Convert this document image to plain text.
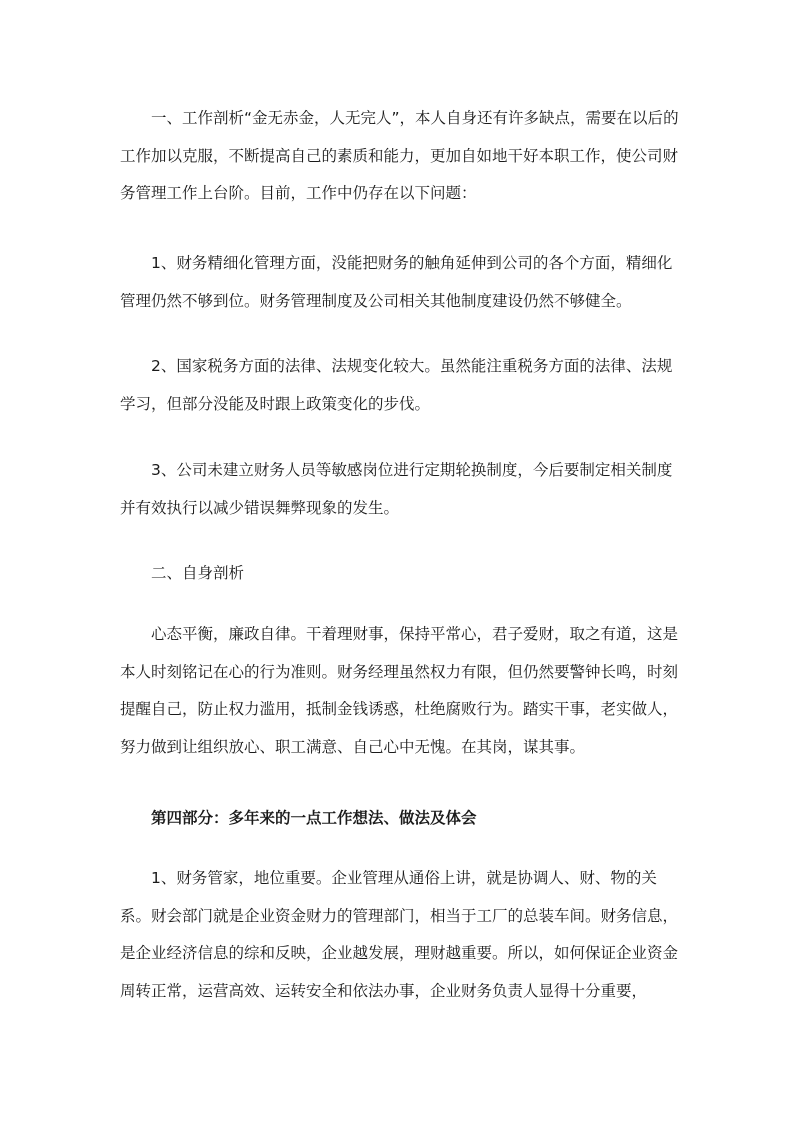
一、工作剖析“金无赤金，人无完人”，本人自身还有许多缺点，需要在以后的工作加以克服，不断提高自己的素质和能力，更加自如地干好本职工作，使公司财务管理工作上台阶。目前，工作中仍存在以下问题：

1、财务精细化管理方面，没能把财务的触角延伸到公司的各个方面，精细化管理仍然不够到位。财务管理制度及公司相关其他制度建设仍然不够健全。

2、国家税务方面的法律、法规变化较大。虽然能注重税务方面的法律、法规学习，但部分没能及时跟上政策变化的步伐。

3、公司未建立财务人员等敏感岗位进行定期轮换制度，今后要制定相关制度并有效执行以减少错误舞弊现象的发生。

二、自身剖析

心态平衡，廉政自律。干着理财事，保持平常心，君子爱财，取之有道，这是本人时刻铭记在心的行为准则。财务经理虽然权力有限，但仍然要警钟长鸣，时刻提醒自己，防止权力滥用，抵制金钱诱惑，杜绝腐败行为。踏实干事，老实做人，努力做到让组织放心、职工满意、自己心中无愧。在其岗，谋其事。

第四部分：多年来的一点工作想法、做法及体会

1、财务管家，地位重要。企业管理从通俗上讲，就是协调人、财、物的关系。财会部门就是企业资金财力的管理部门，相当于工厂的总装车间。财务信息，是企业经济信息的综和反映，企业越发展，理财越重要。所以，如何保证企业资金周转正常，运营高效、运转安全和依法办事，企业财务负责人显得十分重要，
